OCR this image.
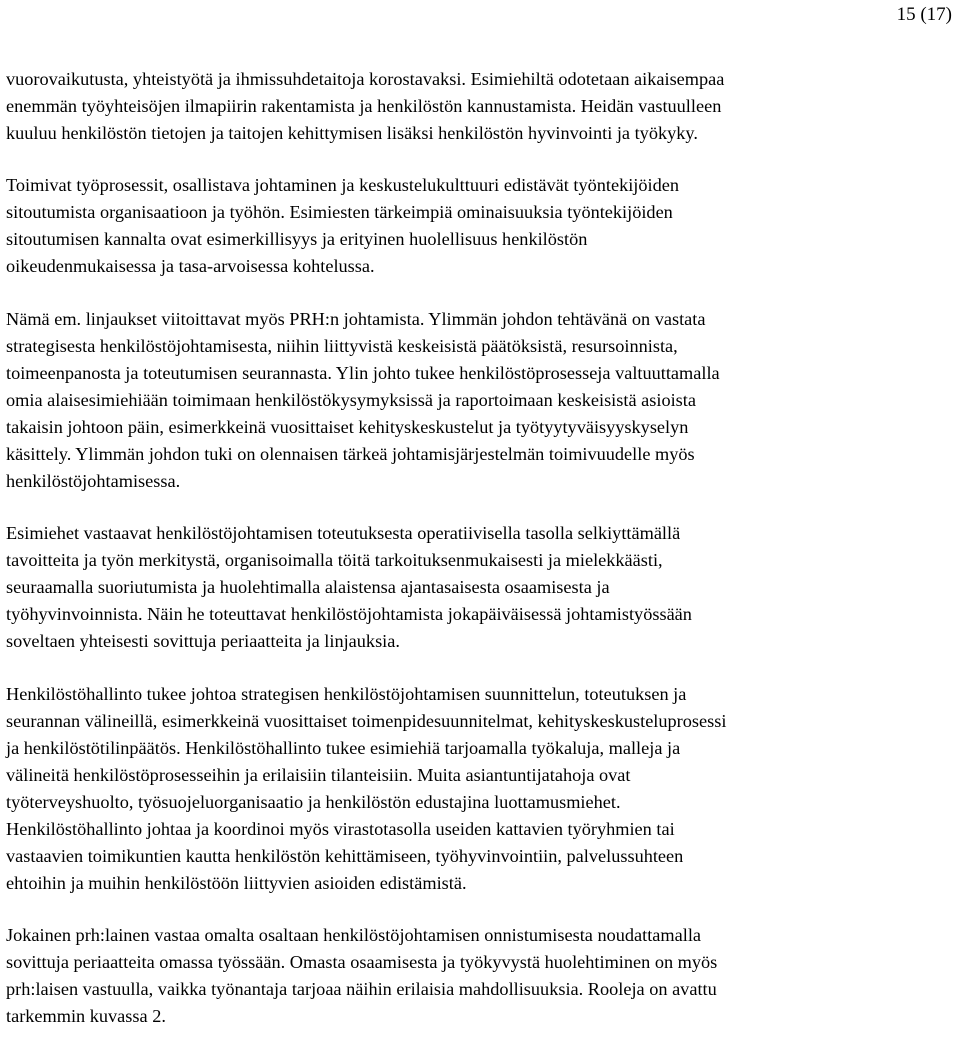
15 (17)

vuorovaikutusta, yhteistyötä ja ihmissuhdetaitoja korostavaksi. Esimiehiltä odotetaan aikaisempaa
enemmän työyhteisöjen ilmapiirin rakentamista ja henkilöstön kannustamista. Heidän vastuulleen
kuuluu henkilöstön tietojen ja taitojen kehittymisen lisäksi henkilöstön hyvinvointi ja työkyky.

Toimivat työprosessit, osallistava johtaminen ja keskustelukulttuuri edistävät työntekijöiden
sitoutumista organisaatioon ja työhön. Esimiesten tärkeimpiä ominaisuuksia työntekijöiden
sitoutumisen kannalta ovat esimerkillisyys ja erityinen huolellisuus henkilöstön
oikeudenmukaisessa ja tasa-arvoisessa kohtelussa.

Nämä em. linjaukset viitoittavat myös PRH:n johtamista. Ylimmän johdon tehtävänä on vastata
strategisesta henkilöstöjohtamisesta, niihin liittyvistä keskeisistä päätöksistä, resursoinnista,
toimeenpanosta ja toteutumisen seurannasta. Ylin johto tukee henkilöstöprosesseja valtuuttamalla
omia alaisesimiehiään toimimaan henkilöstökysymyksissä ja raportoimaan keskeisistä asioista
takaisin johtoon päin, esimerkkeinä vuosittaiset kehityskeskustelut ja työtyytyväisyyskyselyn
käsittely. Ylimmän johdon tuki on olennaisen tärkeä johtamisjärjestelmän toimivuudelle myös
henkilöstöjohtamisessa.

Esimiehet vastaavat henkilöstöjohtamisen toteutuksesta operatiivisella tasolla selkiyttämällä
tavoitteita ja työn merkitystä, organisoimalla töitä tarkoituksenmukaisesti ja mielekkäästi,
seuraamalla suoriutumista ja huolehtimalla alaistensa ajantasaisesta osaamisesta ja
työhyvinvoinnista. Näin he toteuttavat henkilöstöjohtamista jokapäiväisessä johtamistyössään
soveltaen yhteisesti sovittuja periaatteita ja linjauksia.

Henkilöstöhallinto tukee johtoa strategisen henkilöstöjohtamisen suunnittelun, toteutuksen ja
seurannan välineillä, esimerkkeinä vuosittaiset toimenpidesuunnitelmat, kehityskeskusteluprosessi
ja henkilöstötilinpäätös. Henkilöstöhallinto tukee esimiehiä tarjoamalla työkaluja, malleja ja
välineitä henkilöstöprosesseihin ja erilaisiin tilanteisiin. Muita asiantuntijatahoja ovat
työterveyshuolto, työsuojeluorganisaatio ja henkilöstön edustajina luottamusmiehet.
Henkilöstöhallinto johtaa ja koordinoi myös virastotasolla useiden kattavien työryhmien tai
vastaavien toimikuntien kautta henkilöstön kehittämiseen, työhyvinvointiin, palvelussuhteen
ehtoihin ja muihin henkilöstöön liittyvien asioiden edistämistä.

Jokainen prh:lainen vastaa omalta osaltaan henkilöstöjohtamisen onnistumisesta noudattamalla
sovittuja periaatteita omassa työssään. Omasta osaamisesta ja työkyvystä huolehtiminen on myös
prh:laisen vastuulla, vaikka työnantaja tarjoaa näihin erilaisia mahdollisuuksia. Rooleja on avattu
tarkemmin kuvassa 2.
